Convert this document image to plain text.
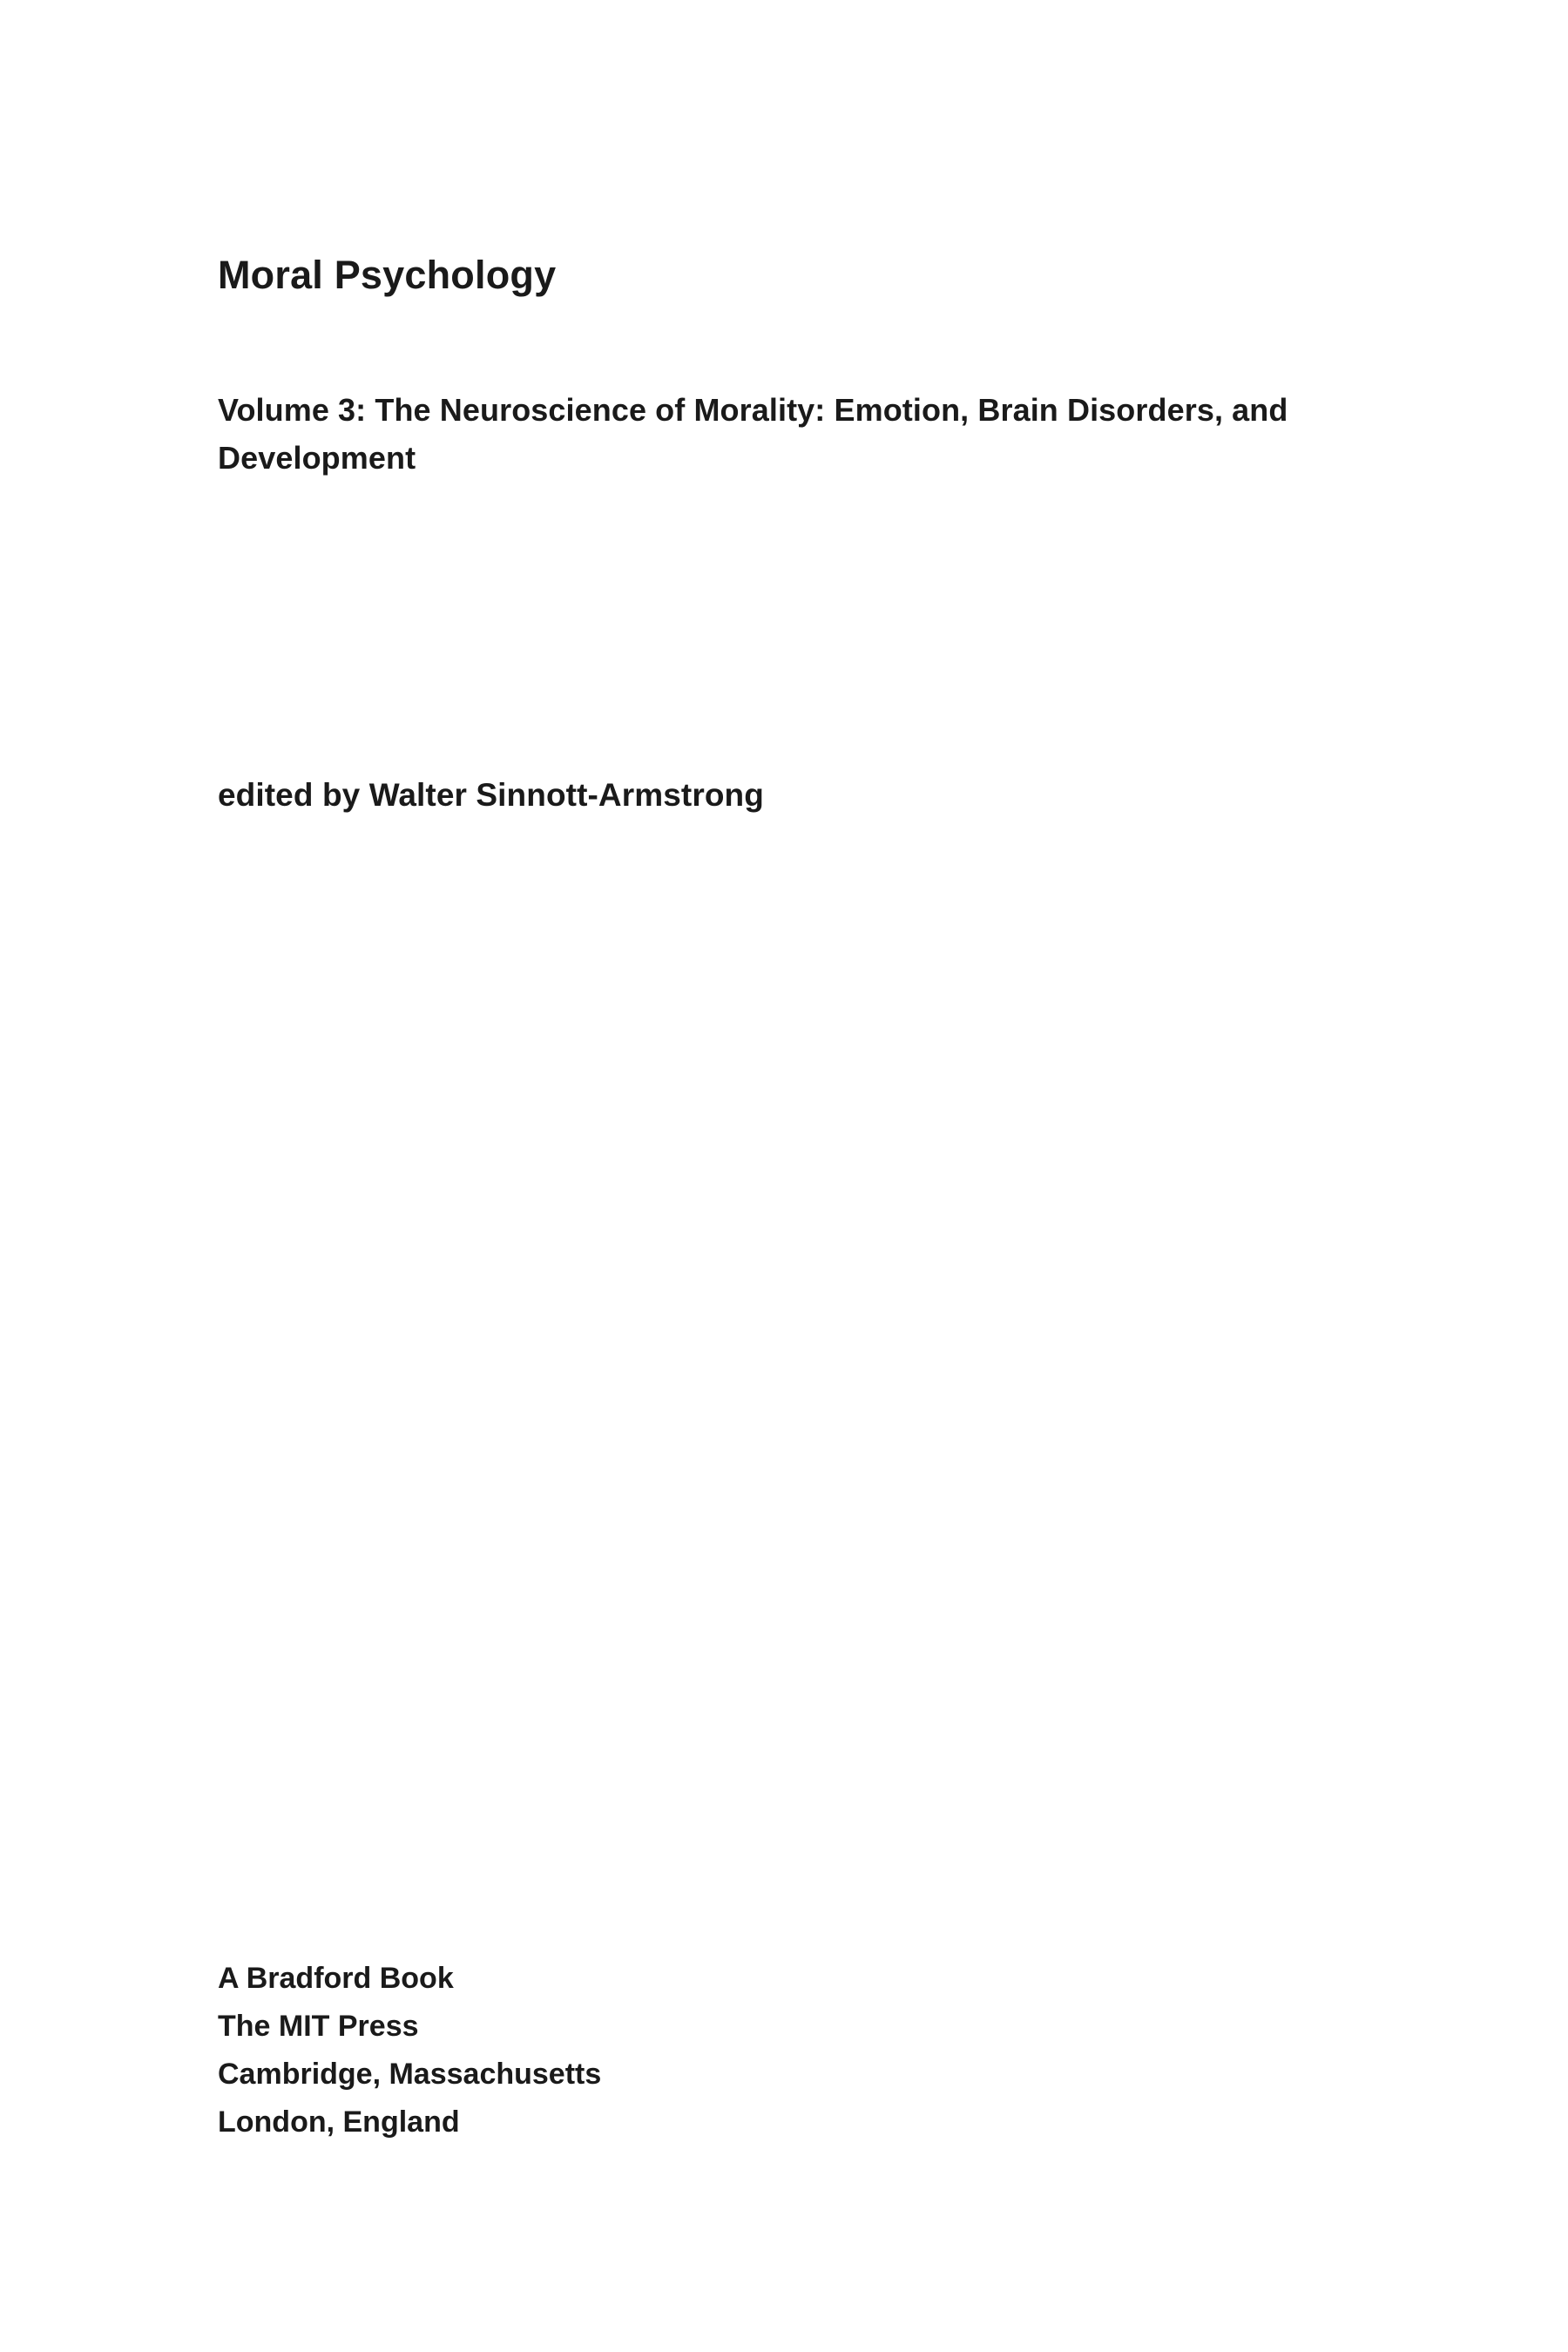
Moral Psychology
Volume 3: The Neuroscience of Morality: Emotion, Brain Disorders, and Development
edited by Walter Sinnott-Armstrong
A Bradford Book
The MIT Press
Cambridge, Massachusetts
London, England
